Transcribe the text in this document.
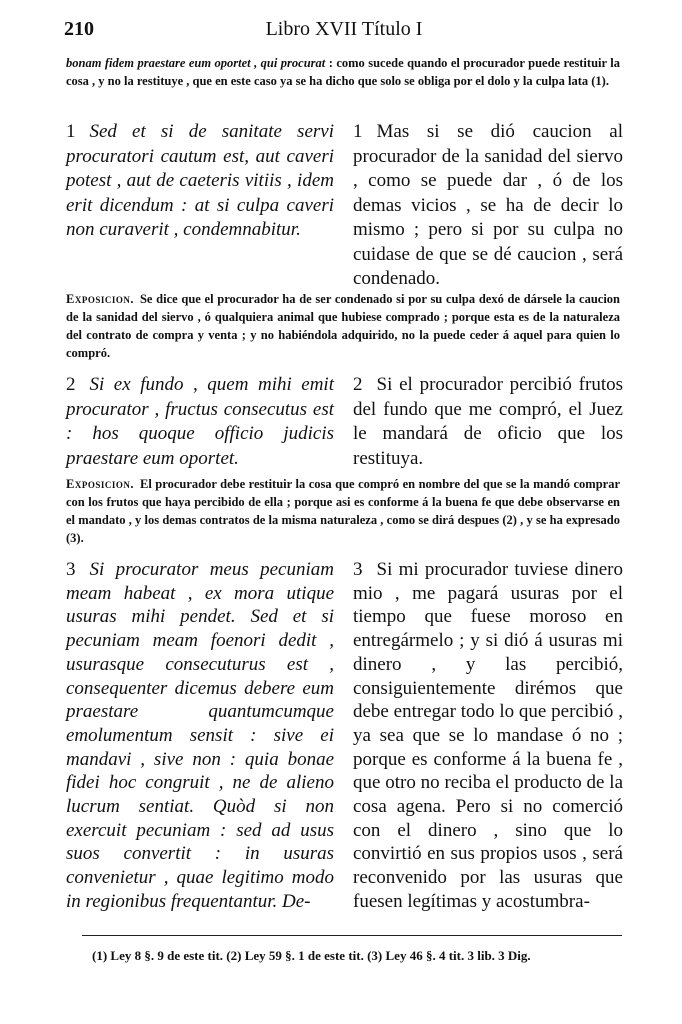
210	Libro XVII Título I
bonam fidem praestare eum oportet , qui procurat : como sucede quando el procurador puede restituir la cosa , y no la restituye , que en este caso ya se ha dicho que solo se obliga por el dolo y la culpa lata (1).
1 Sed et si de sanitate servi procuratori cautum est, aut caveri potest , aut de caeteris vitiis , idem erit dicendum : at si culpa caveri non curaverit , condemnabitur.
1 Mas si se dió caucion al procurador de la sanidad del siervo , como se puede dar , ó de los demas vicios , se ha de decir lo mismo ; pero si por su culpa no cuidase de que se dé caucion , será condenado.
Exposicion. Se dice que el procurador ha de ser condenado si por su culpa dexó de dársele la caucion de la sanidad del siervo , ó qualquiera animal que hubiese comprado ; porque esta es de la naturaleza del contrato de compra y venta ; y no habiéndola adquirido, no la puede ceder á aquel para quien lo compró.
2 Si ex fundo , quem mihi emit procurator , fructus consecutus est : hos quoque officio judicis praestare eum oportet.
2 Si el procurador percibió frutos del fundo que me compró, el Juez le mandará de oficio que los restituya.
Exposicion. El procurador debe restituir la cosa que compró en nombre del que se la mandó comprar con los frutos que haya percibido de ella ; porque asi es conforme á la buena fe que debe observarse en el mandato , y los demas contratos de la misma naturaleza , como se dirá despues (2) , y se ha expresado (3).
3 Si procurator meus pecuniam meam habeat , ex mora utique usuras mihi pendet. Sed et si pecuniam meam foenori dedit , usurasque consecuturus est , consequenter dicemus debere eum praestare quantumcumque emolumentum sensit : sive ei mandavi , sive non : quia bonae fidei hoc congruit , ne de alieno lucrum sentiat. Quòd si non exercuit pecuniam : sed ad usus suos convertit : in usuras convenietur , quae legitimo modo in regionibus frequentantur. De-
3 Si mi procurador tuviese dinero mio , me pagará usuras por el tiempo que fuese moroso en entregármelo ; y si dió á usuras mi dinero , y las percibió, consiguientemente dirémos que debe entregar todo lo que percibió , ya sea que se lo mandase ó no ; porque es conforme á la buena fe , que otro no reciba el producto de la cosa agena. Pero si no comerció con el dinero , sino que lo convirtió en sus propios usos , será reconvenido por las usuras que fuesen legítimas y acostumbra-
(1) Ley 8 §. 9 de este tit. (2) Ley 59 §. 1 de este tit. (3) Ley 46 §. 4 tit. 3 lib. 3 Dig.
